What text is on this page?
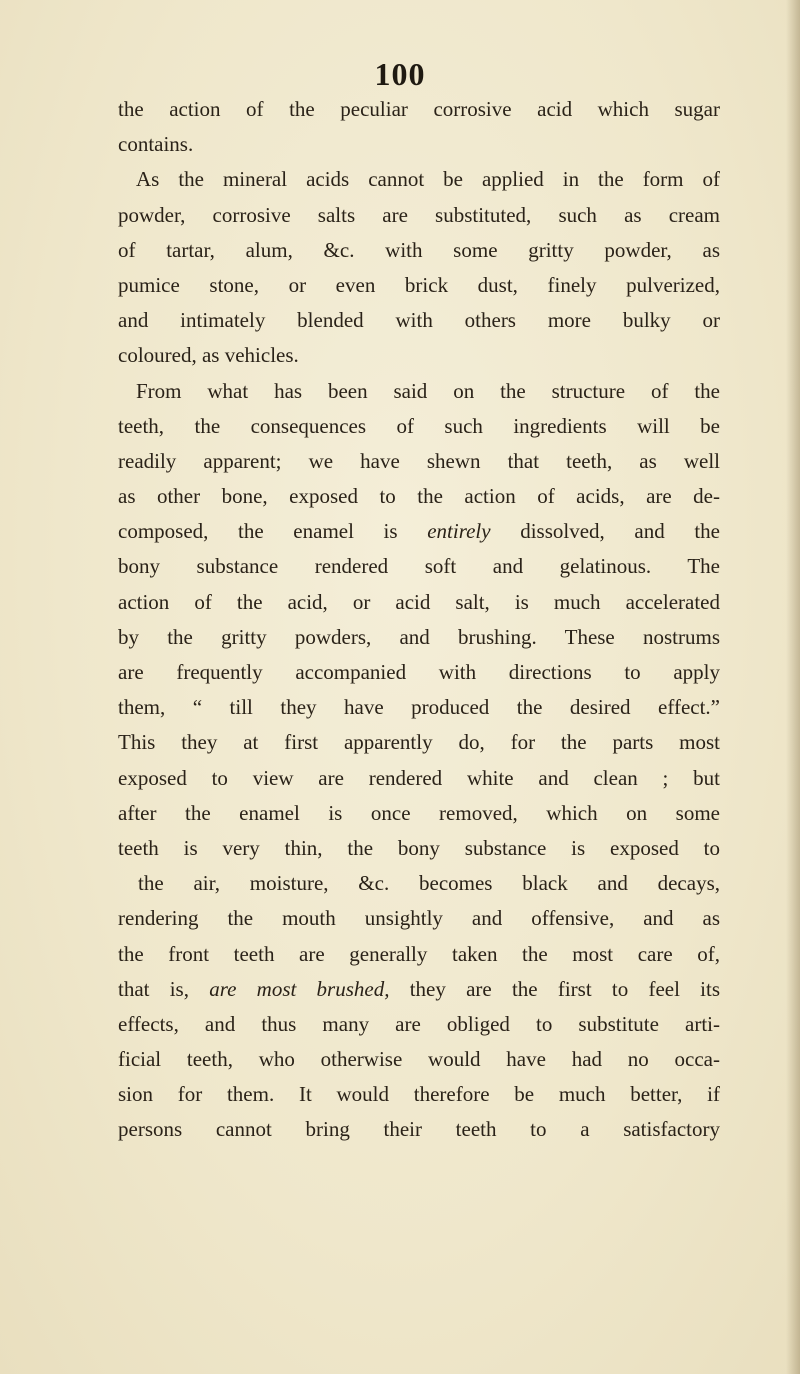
100
the action of the peculiar corrosive acid which sugar
contains.
As the mineral acids cannot be applied in the form of
powder, corrosive salts are substituted, such as cream
of tartar, alum, &c. with some gritty powder, as
pumice stone, or even brick dust, finely pulverized,
and intimately blended with others more bulky or
coloured, as vehicles.
From what has been said on the structure of the
teeth, the consequences of such ingredients will be
readily apparent; we have shewn that teeth, as well
as other bone, exposed to the action of acids, are de-
composed, the enamel is entirely dissolved, and the
bony substance rendered soft and gelatinous. The
action of the acid, or acid salt, is much accelerated
by the gritty powders, and brushing. These nostrums
are frequently accompanied with directions to apply
them, “ till they have produced the desired effect.”
This they at first apparently do, for the parts most
exposed to view are rendered white and clean ; but
after the enamel is once removed, which on some
teeth is very thin, the bony substance is exposed to
the air, moisture, &c. becomes black and decays,
rendering the mouth unsightly and offensive, and as
the front teeth are generally taken the most care of,
that is, are most brushed, they are the first to feel its
effects, and thus many are obliged to substitute arti-
ficial teeth, who otherwise would have had no occa-
sion for them. It would therefore be much better, if
persons cannot bring their teeth to a satisfactory
